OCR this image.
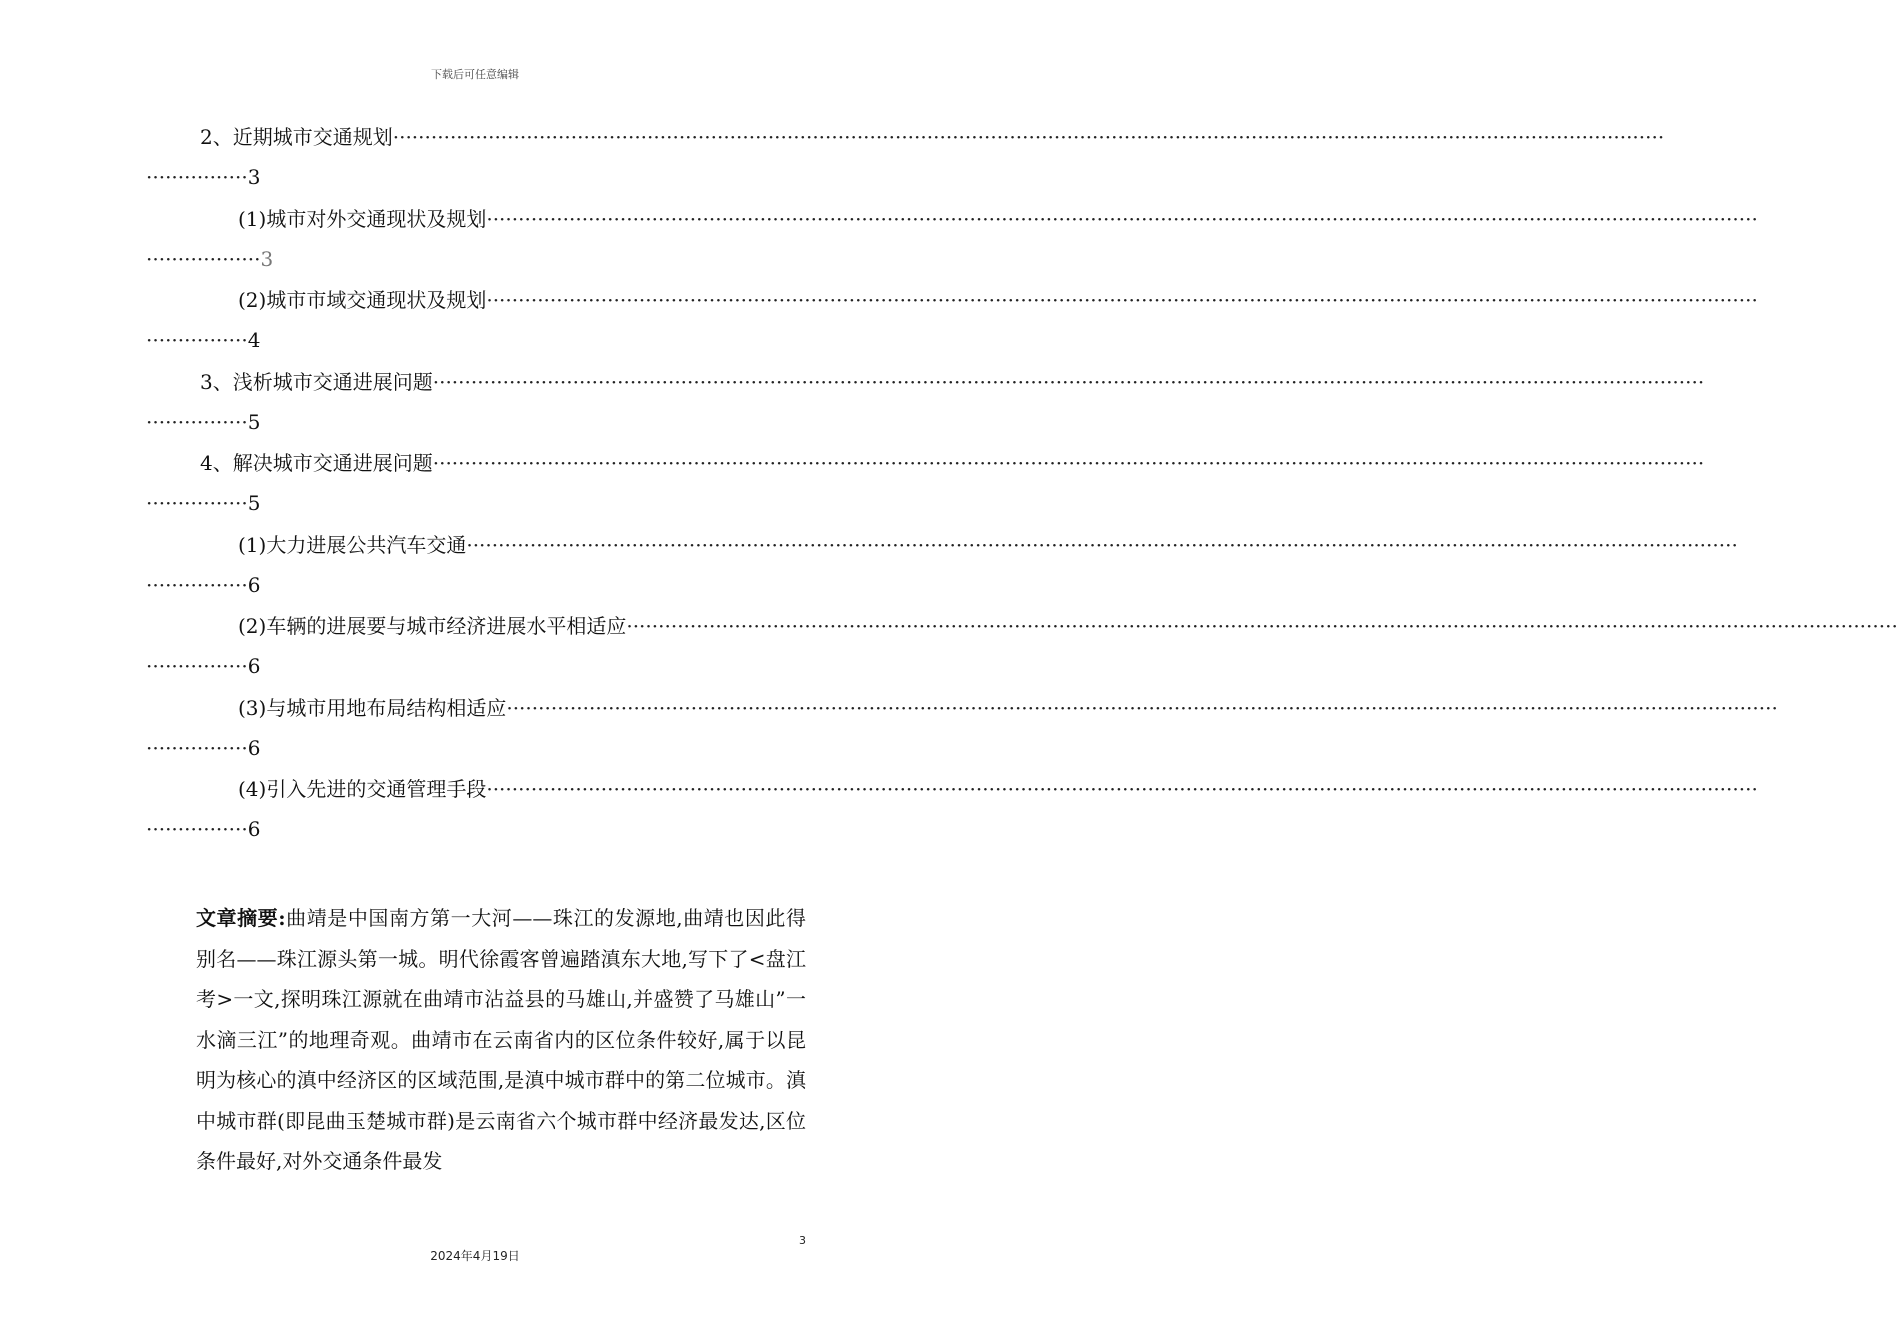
下载后可任意编辑
2、近期城市交通规划 ········································································································································································································
················3
(1)城市对外交通现状及规划 ········································································································································································································
··················3
(2)城市市域交通现状及规划 ········································································································································································································
················4
3、浅析城市交通进展问题 ········································································································································································································
················5
4、解决城市交通进展问题 ········································································································································································································
················5
(1)大力进展公共汽车交通 ········································································································································································································
················6
(2)车辆的进展要与城市经济进展水平相适应 ········································································································································································································
················6
(3)与城市用地布局结构相适应 ········································································································································································································
················6
(4)引入先进的交通管理手段 ········································································································································································································
················6
文章摘要:曲靖是中国南方第一大河——珠江的发源地,曲靖也因此得别名——珠江源头第一城。明代徐霞客曾遍踏滇东大地,写下了<盘江考>一文,探明珠江源就在曲靖市沾益县的马雄山,并盛赞了马雄山”一水滴三江”的地理奇观。曲靖市在云南省内的区位条件较好,属于以昆明为核心的滇中经济区的区域范围,是滇中城市群中的第二位城市。滇中城市群(即昆曲玉楚城市群)是云南省六个城市群中经济最发达,区位条件最好,对外交通条件最发
3
2024年4月19日
